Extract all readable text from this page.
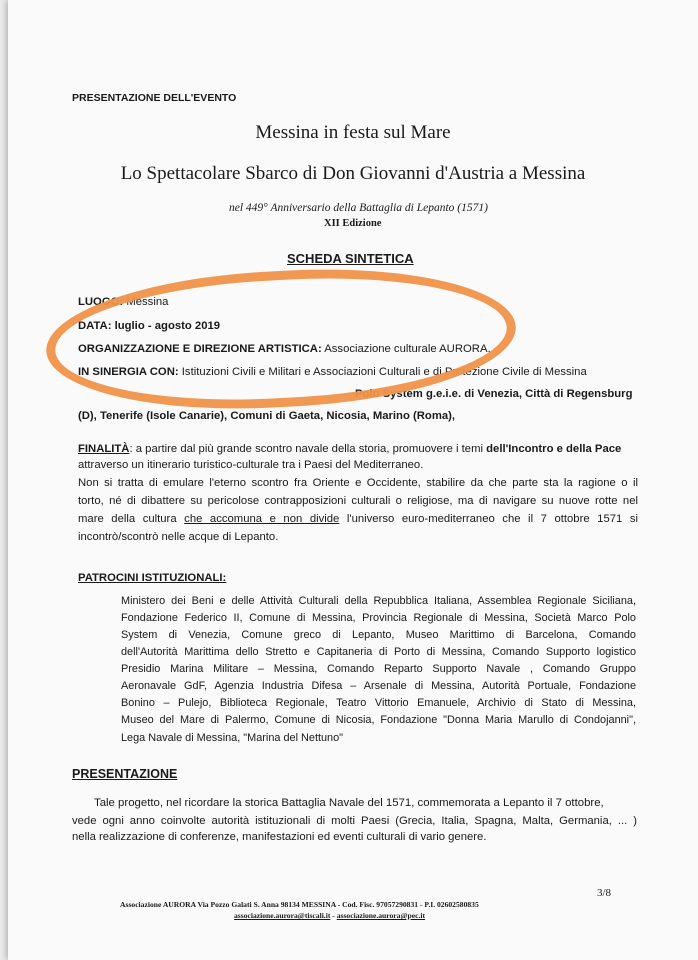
PRESENTAZIONE DELL'EVENTO
Messina in festa sul Mare
Lo Spettacolare Sbarco di Don Giovanni d'Austria a Messina
nel 449° Anniversario della Battaglia di Lepanto (1571)
XII Edizione
SCHEDA SINTETICA
LUOGO: Messina
DATA: luglio - agosto 2019
ORGANIZZAZIONE E DIREZIONE ARTISTICA: Associazione culturale AURORA,
IN SINERGIA CON: Istituzioni Civili e Militari e Associazioni Culturali e di Protezione Civile di Messina
Polo System g.e.i.e. di Venezia, Città di Regensburg
(D), Tenerife (Isole Canarie), Comuni di Gaeta, Nicosia, Marino (Roma),
FINALITÀ: a partire dal più grande scontro navale della storia, promuovere i temi dell'Incontro e della Pace
attraverso un itinerario turistico-culturale tra i Paesi del Mediterraneo.
Non si tratta di emulare l'eterno scontro fra Oriente e Occidente, stabilire da che parte sta la ragione o il
torto, né di dibattere su pericolose contrapposizioni culturali o religiose, ma di navigare su nuove rotte nel
mare della cultura che accomuna e non divide l'universo euro-mediterraneo che il 7 ottobre 1571 si
incontrò/scontrò nelle acque di Lepanto.
PATROCINI ISTITUZIONALI:
Ministero dei Beni e delle Attività Culturali della Repubblica Italiana, Assemblea Regionale Siciliana,
Fondazione Federico II, Comune di Messina, Provincia Regionale di Messina, Società Marco Polo
System di Venezia, Comune greco di Lepanto, Museo Marittimo di Barcelona, Comando
dell'Autorità Marittima dello Stretto e Capitaneria di Porto di Messina, Comando Supporto logistico
Presidio Marina Militare – Messina, Comando Reparto Supporto Navale , Comando Gruppo
Aeronavale GdF, Agenzia Industria Difesa – Arsenale di Messina, Autorità Portuale, Fondazione
Bonino – Pulejo, Biblioteca Regionale, Teatro Vittorio Emanuele, Archivio di Stato di Messina,
Museo del Mare di Palermo, Comune di Nicosia, Fondazione "Donna Maria Marullo di Condojanni",
Lega Navale di Messina, "Marina del Nettuno"
PRESENTAZIONE
Tale progetto, nel ricordare la storica Battaglia Navale del 1571, commemorata a Lepanto il 7 ottobre,
vede ogni anno coinvolte autorità istituzionali di molti Paesi (Grecia, Italia, Spagna, Malta, Germania, ... )
nella realizzazione di conferenze, manifestazioni ed eventi culturali di vario genere.
3/8
Associazione AURORA Via Pozzo Galati S. Anna 98134 MESSINA - Cod. Fisc. 97057290831 - P.I. 02602580835
associazione.aurora@tiscali.it - associazione.aurora@pec.it
